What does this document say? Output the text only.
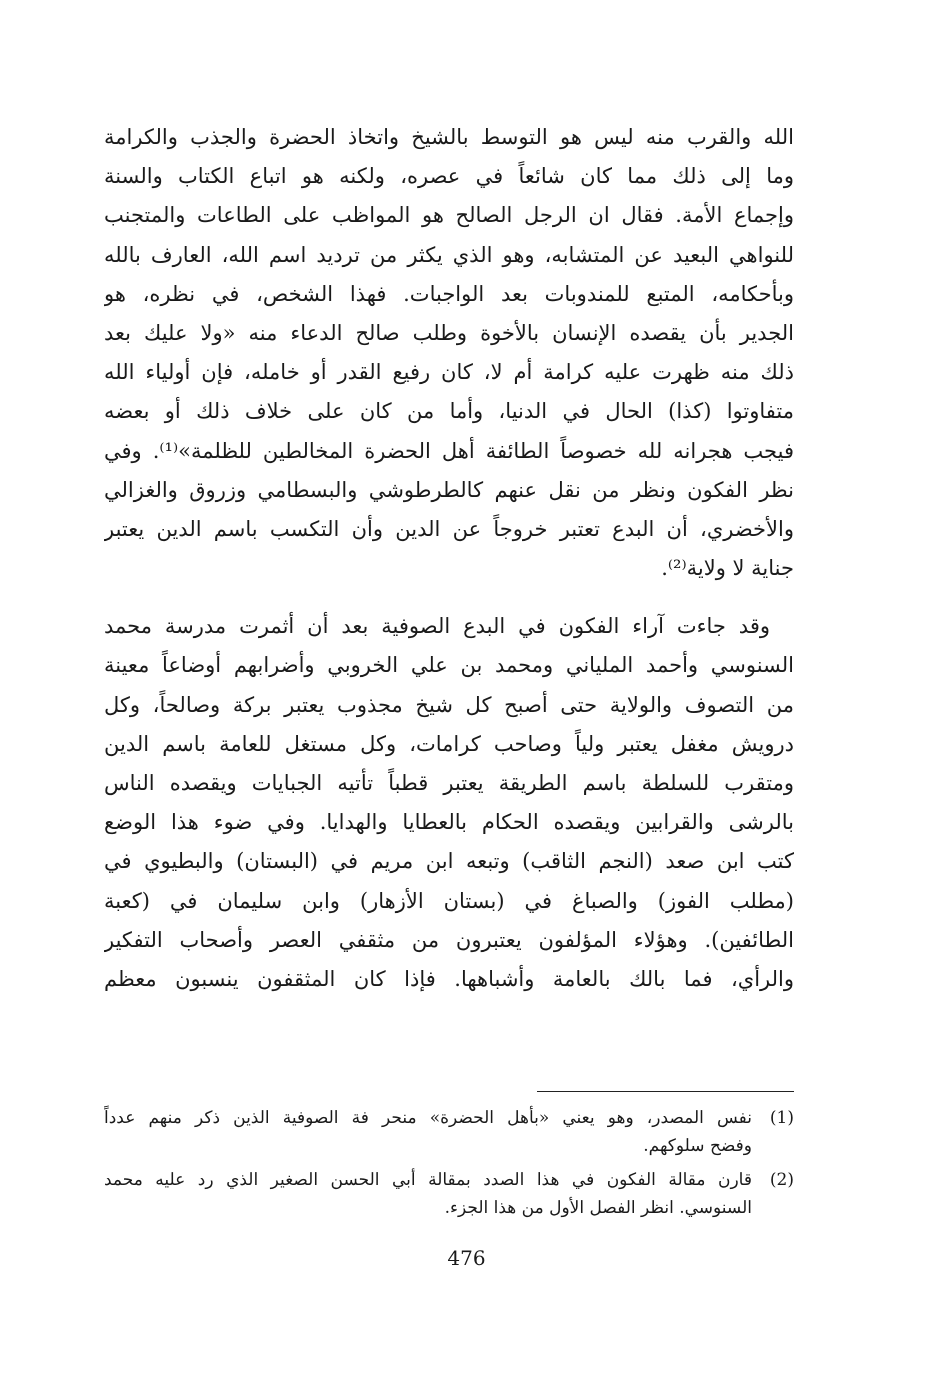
الله والقرب منه ليس هو التوسط بالشيخ واتخاذ الحضرة والجذب والكرامة
وما إلى ذلك مما كان شائعاً في عصره، ولكنه هو اتباع الكتاب والسنة
وإجماع الأمة. فقال ان الرجل الصالح هو المواظب على الطاعات والمتجنب
للنواهي البعيد عن المتشابه، وهو الذي يكثر من ترديد اسم الله، العارف بالله
وبأحكامه، المتبع للمندوبات بعد الواجبات. فهذا الشخص، في نظره، هو
الجدير بأن يقصده الإنسان بالأخوة وطلب صالح الدعاء منه «ولا عليك بعد
ذلك منه ظهرت عليه كرامة أم لا، كان رفيع القدر أو خامله، فإن أولياء الله
متفاوتوا (كذا) الحال في الدنيا، وأما من كان على خلاف ذلك أو بعضه
فيجب هجرانه لله خصوصاً الطائفة أهل الحضرة المخالطين للظلمة»⁽¹⁾. وفي
نظر الفكون ونظر من نقل عنهم كالطرطوشي والبسطامي وزروق والغزالي
والأخضري، أن البدع تعتبر خروجاً عن الدين وأن التكسب باسم الدين يعتبر
جناية لا ولاية⁽²⁾.
وقد جاءت آراء الفكون في البدع الصوفية بعد أن أثمرت مدرسة محمد
السنوسي وأحمد الملياني ومحمد بن علي الخروبي وأضرابهم أوضاعاً معينة
من التصوف والولاية حتى أصبح كل شيخ مجذوب يعتبر بركة وصالحاً، وكل
درويش مغفل يعتبر ولياً وصاحب كرامات، وكل مستغل للعامة باسم الدين
ومتقرب للسلطة باسم الطريقة يعتبر قطباً تأتيه الجبايات ويقصده الناس
بالرشى والقرابين ويقصده الحكام بالعطايا والهدايا. وفي ضوء هذا الوضع
كتب ابن صعد (النجم الثاقب) وتبعه ابن مريم في (البستان) والبطيوي في
(مطلب الفوز) والصباغ في (بستان الأزهار) وابن سليمان في (كعبة
الطائفين). وهؤلاء المؤلفون يعتبرون من مثقفي العصر وأصحاب التفكير
والرأي، فما بالك بالعامة وأشباهها. فإذا كان المثقفون ينسبون معظم
(1)
نفس المصدر، وهو يعني «بأهل الحضرة» منحر فة الصوفية الذين ذكر منهم عدداً
وفضح سلوكهم.
(2)
قارن مقالة الفكون في هذا الصدد بمقالة أبي الحسن الصغير الذي رد عليه محمد
السنوسي. انظر الفصل الأول من هذا الجزء.
476
